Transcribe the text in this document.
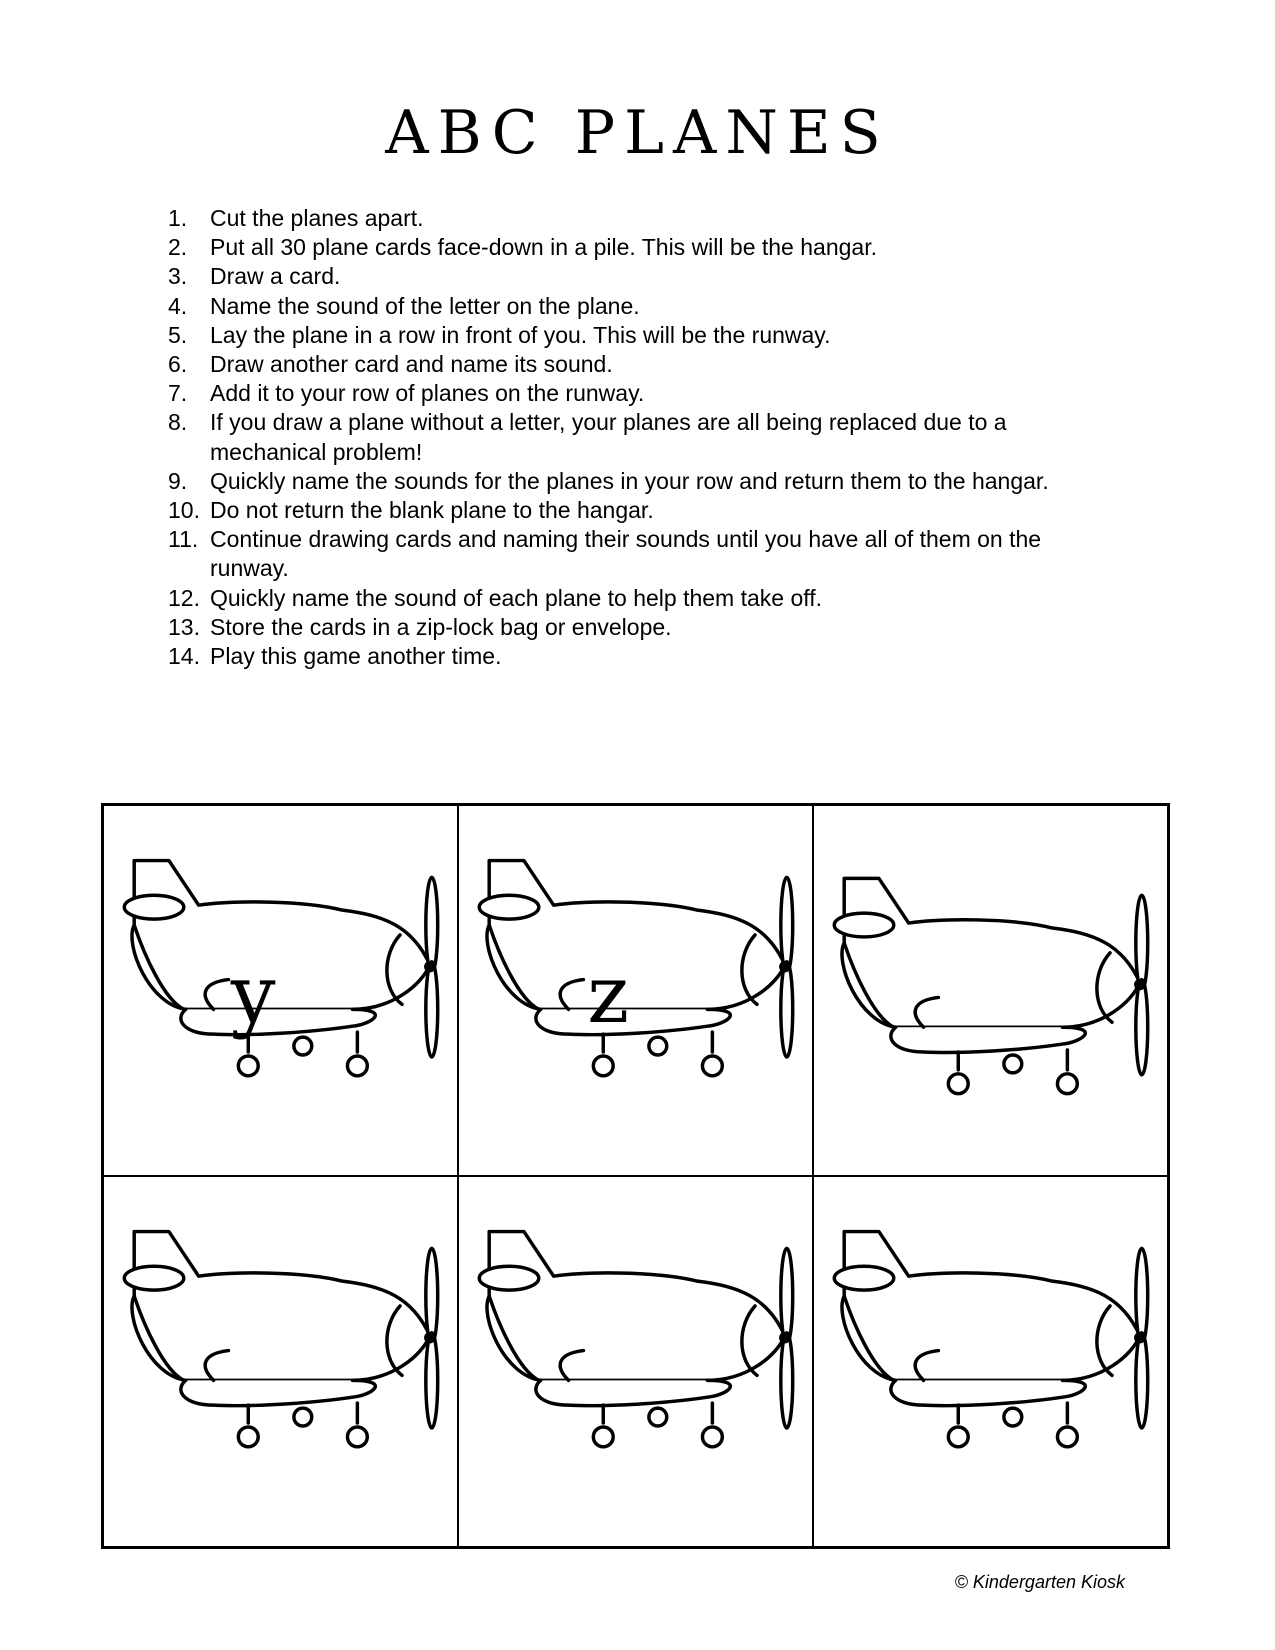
ABC PLANES
1. Cut the planes apart.
2. Put all 30 plane cards face-down in a pile. This will be the hangar.
3. Draw a card.
4. Name the sound of the letter on the plane.
5. Lay the plane in a row in front of you. This will be the runway.
6. Draw another card and name its sound.
7. Add it to your row of planes on the runway.
8. If you draw a plane without a letter, your planes are all being replaced due to a mechanical problem!
9. Quickly name the sounds for the planes in your row and return them to the hangar.
10. Do not return the blank plane to the hangar.
11. Continue drawing cards and naming their sounds until you have all of them on the runway.
12. Quickly name the sound of each plane to help them take off.
13. Store the cards in a zip-lock bag or envelope.
14. Play this game another time.
y	z
© Kindergarten Kiosk
